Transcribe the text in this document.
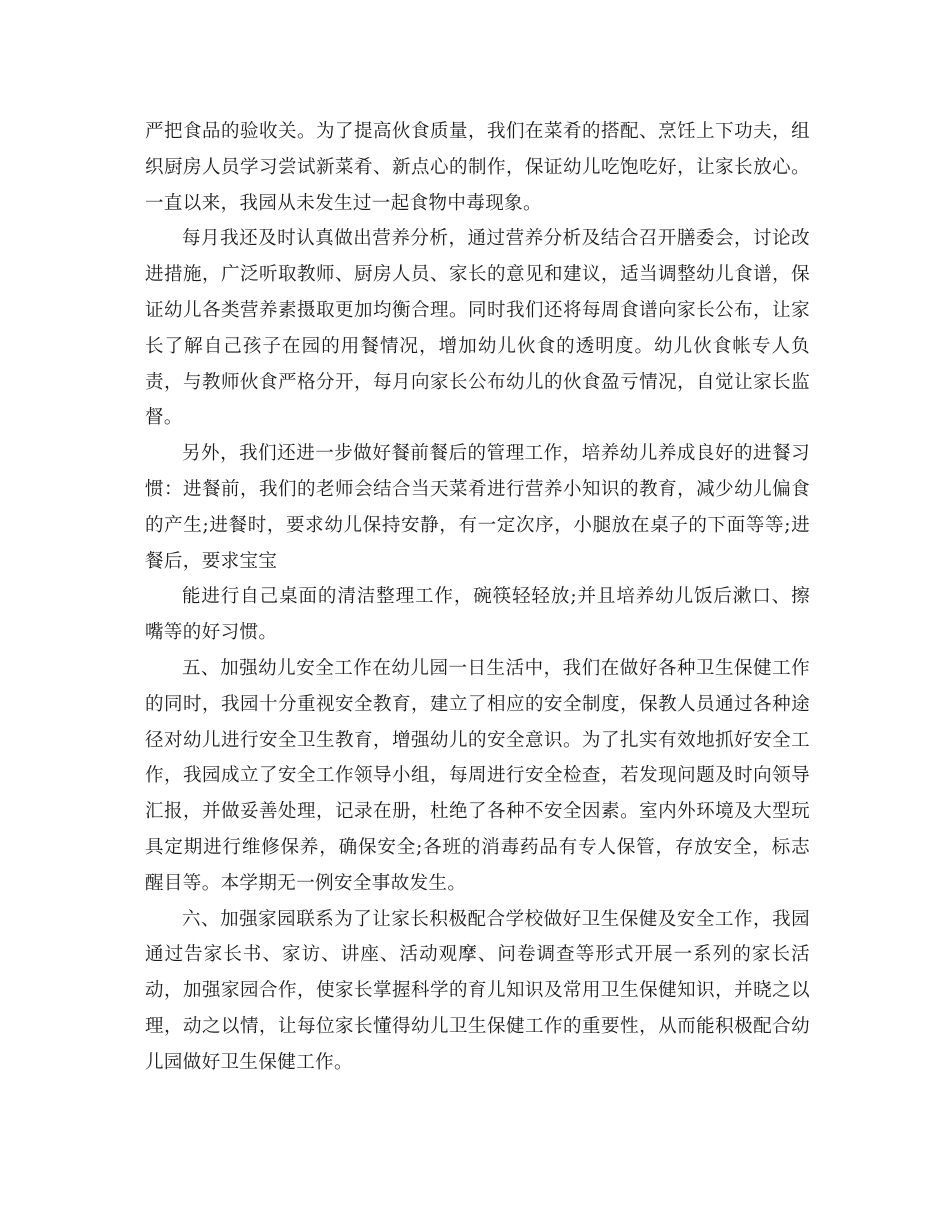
严把食品的验收关。为了提高伙食质量，我们在菜肴的搭配、烹饪上下功夫，组织厨房人员学习尝试新菜肴、新点心的制作，保证幼儿吃饱吃好，让家长放心。一直以来，我园从未发生过一起食物中毒现象。

每月我还及时认真做出营养分析，通过营养分析及结合召开膳委会，讨论改进措施，广泛听取教师、厨房人员、家长的意见和建议，适当调整幼儿食谱，保证幼儿各类营养素摄取更加均衡合理。同时我们还将每周食谱向家长公布，让家长了解自己孩子在园的用餐情况，增加幼儿伙食的透明度。幼儿伙食帐专人负责，与教师伙食严格分开，每月向家长公布幼儿的伙食盈亏情况，自觉让家长监督。

另外，我们还进一步做好餐前餐后的管理工作，培养幼儿养成良好的进餐习惯：进餐前，我们的老师会结合当天菜肴进行营养小知识的教育，减少幼儿偏食的产生;进餐时，要求幼儿保持安静，有一定次序，小腿放在桌子的下面等等;进餐后，要求宝宝

能进行自己桌面的清洁整理工作，碗筷轻轻放;并且培养幼儿饭后漱口、擦嘴等的好习惯。

五、加强幼儿安全工作在幼儿园一日生活中，我们在做好各种卫生保健工作的同时，我园十分重视安全教育，建立了相应的安全制度，保教人员通过各种途径对幼儿进行安全卫生教育，增强幼儿的安全意识。为了扎实有效地抓好安全工作，我园成立了安全工作领导小组，每周进行安全检查，若发现问题及时向领导汇报，并做妥善处理，记录在册，杜绝了各种不安全因素。室内外环境及大型玩具定期进行维修保养，确保安全;各班的消毒药品有专人保管，存放安全，标志醒目等。本学期无一例安全事故发生。

六、加强家园联系为了让家长积极配合学校做好卫生保健及安全工作，我园通过告家长书、家访、讲座、活动观摩、问卷调查等形式开展一系列的家长活动，加强家园合作，使家长掌握科学的育儿知识及常用卫生保健知识，并晓之以理，动之以情，让每位家长懂得幼儿卫生保健工作的重要性，从而能积极配合幼儿园做好卫生保健工作。
